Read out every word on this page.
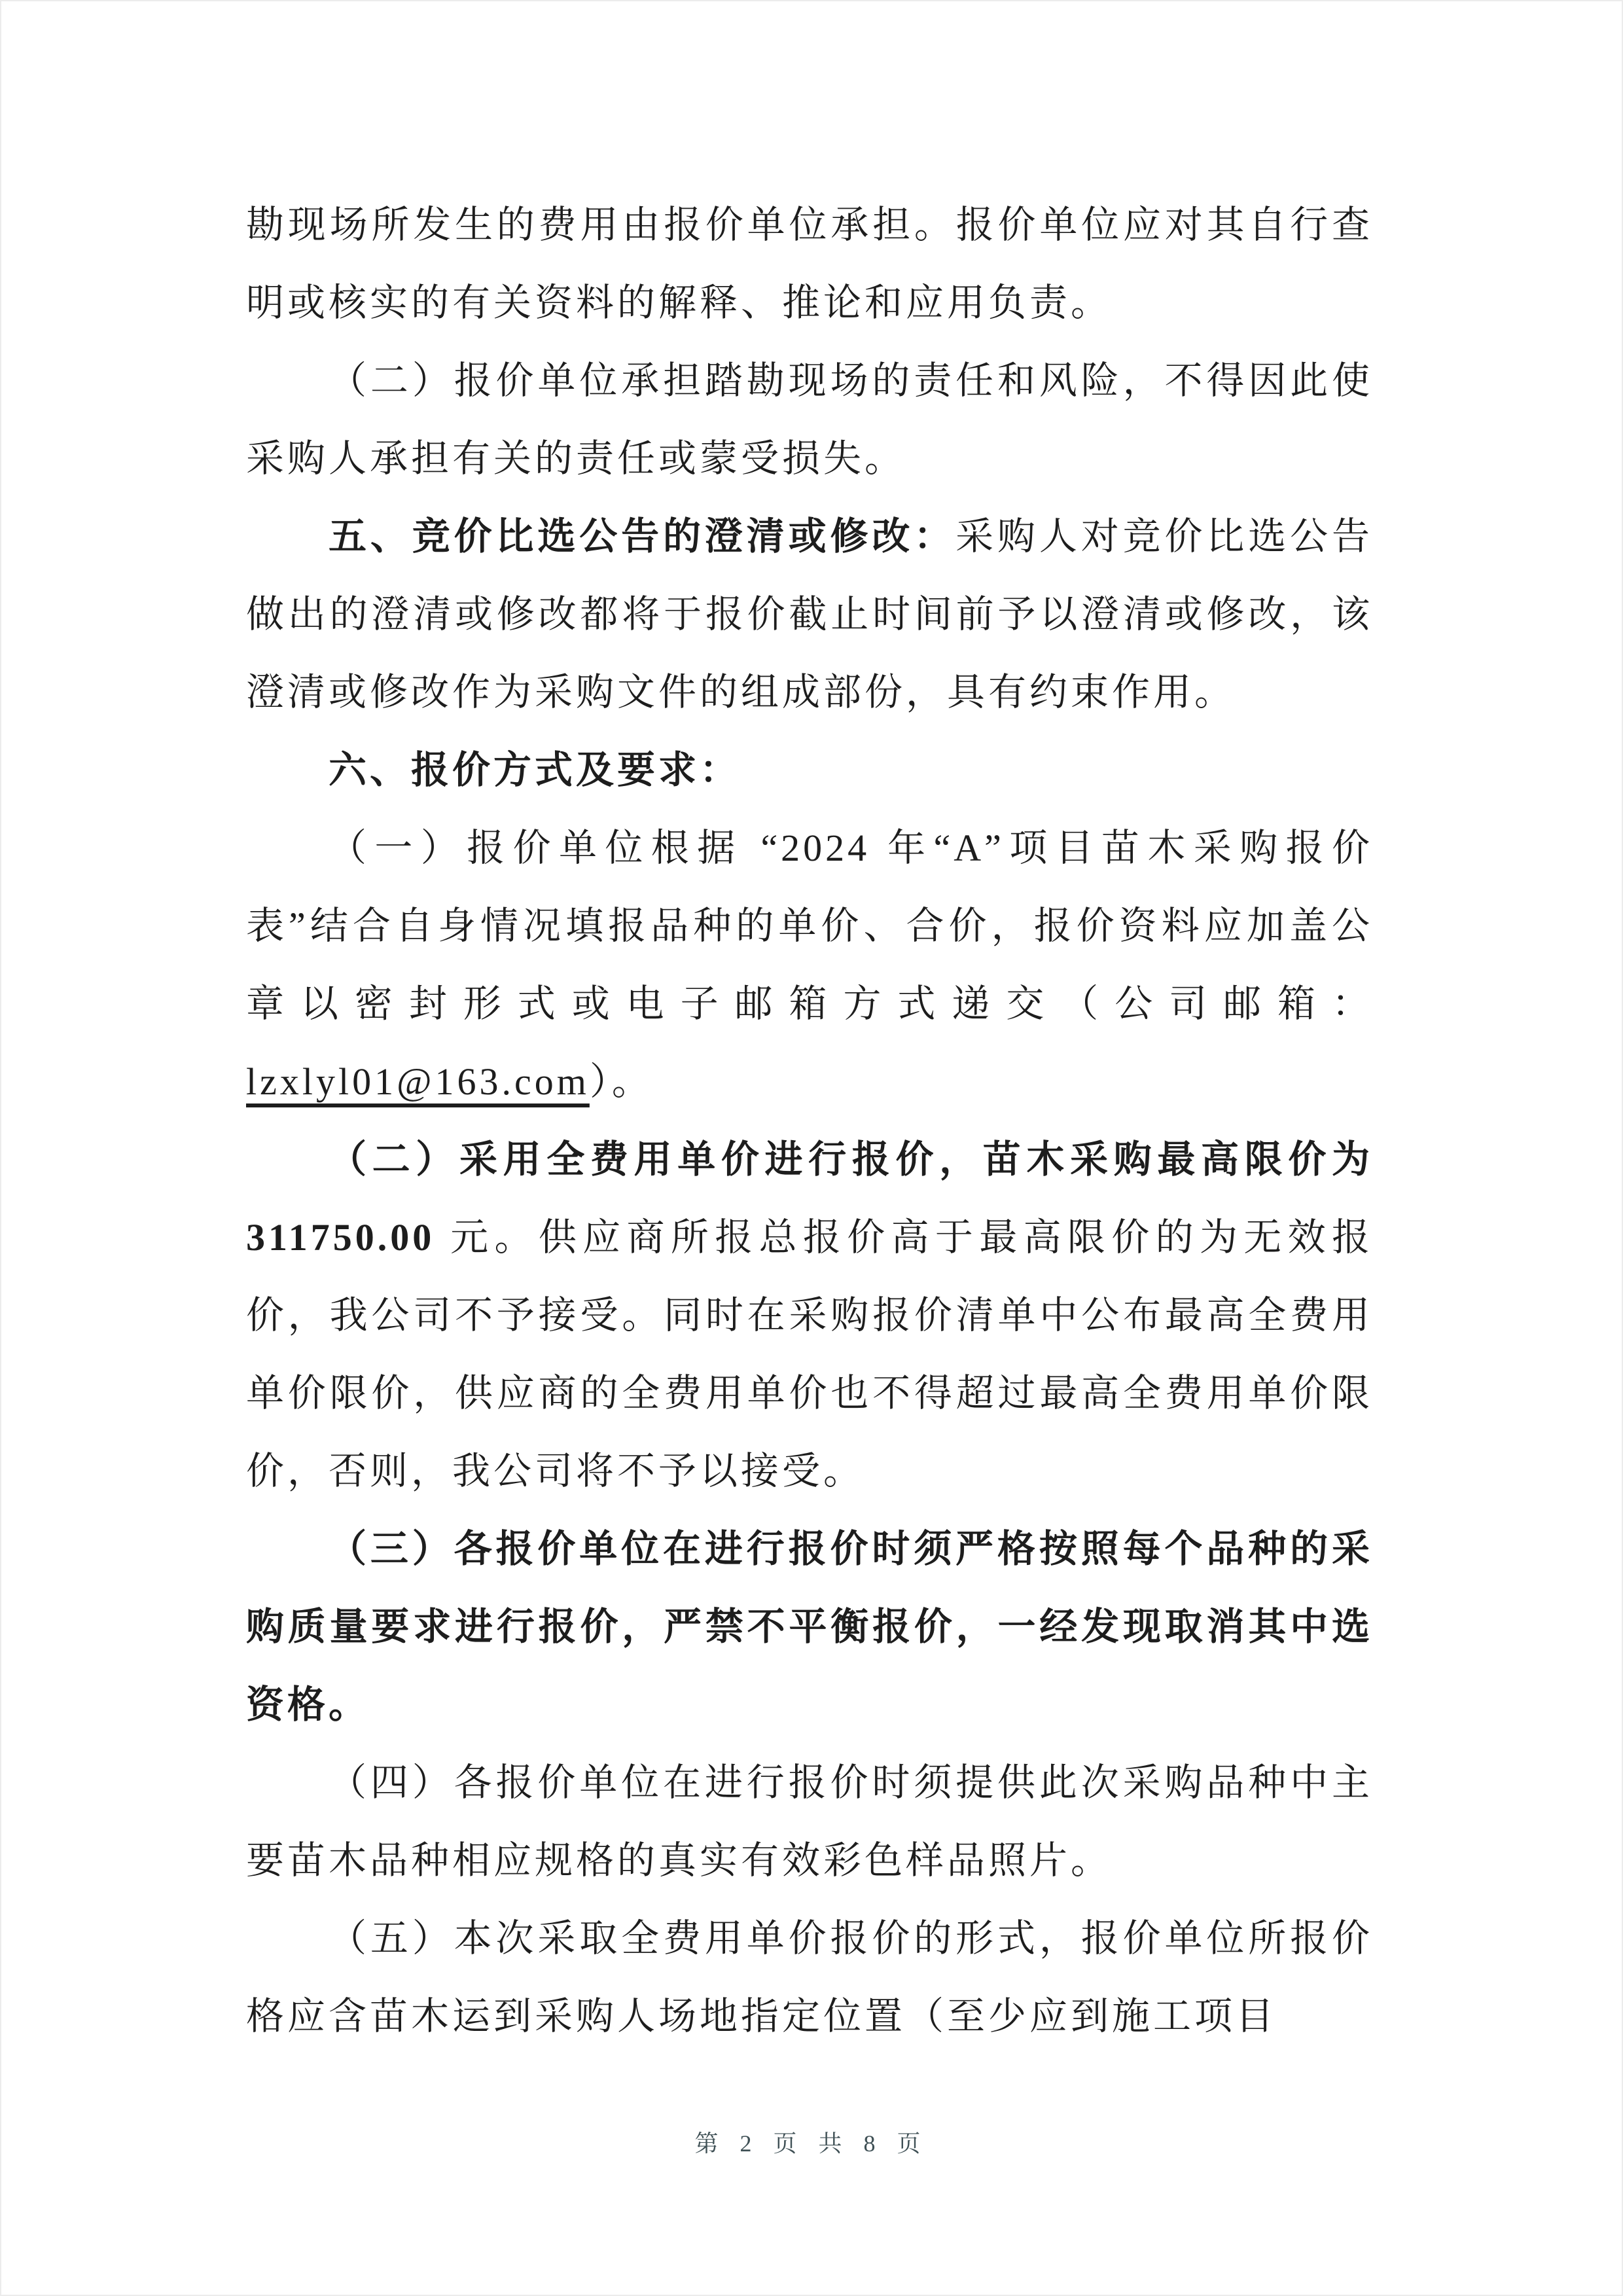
勘现场所发生的费用由报价单位承担。报价单位应对其自行查明或核实的有关资料的解释、推论和应用负责。

（二）报价单位承担踏勘现场的责任和风险，不得因此使采购人承担有关的责任或蒙受损失。

五、竞价比选公告的澄清或修改：采购人对竞价比选公告做出的澄清或修改都将于报价截止时间前予以澄清或修改，该澄清或修改作为采购文件的组成部份，具有约束作用。

六、报价方式及要求：

（一）报价单位根据 “2024 年“A”项目苗木采购报价表”结合自身情况填报品种的单价、合价，报价资料应加盖公章以密封形式或电子邮箱方式递交（公司邮箱：lzxlyl01@163.com）。

（二）采用全费用单价进行报价，苗木采购最高限价为 311750.00 元。供应商所报总报价高于最高限价的为无效报价，我公司不予接受。同时在采购报价清单中公布最高全费用单价限价，供应商的全费用单价也不得超过最高全费用单价限价，否则，我公司将不予以接受。

（三）各报价单位在进行报价时须严格按照每个品种的采购质量要求进行报价，严禁不平衡报价，一经发现取消其中选资格。

（四）各报价单位在进行报价时须提供此次采购品种中主要苗木品种相应规格的真实有效彩色样品照片。

（五）本次采取全费用单价报价的形式，报价单位所报价格应含苗木运到采购人场地指定位置（至少应到施工项目

第 2 页 共 8 页
